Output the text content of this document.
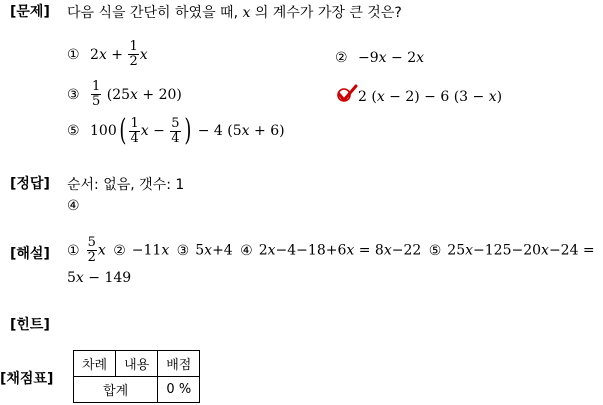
[문제]
[정답]
[해설]
[힌트]
[채점표]
다음 식을 간단히 하였을 때, x 의 계수가 가장 큰 것은?
① $2x + \frac{1}{2}$ x	② −9x − 2x
③ $\frac{1}{5} (25x + 20)$	2 (x − 2) − 6 (3 − x)
⑤ $100( \frac{1}{4}$ $x - \frac{5}{4}$ ) − 4 (5x + 6)
순서: 없음, 갯수: 1
④
① $\frac{5}{2}$ x ② −11x ③ 5x+4 ④ 2x−4−18+6x = 8x−22 ⑤ 25x−125−20x−24 =
5x − 149
차례	내용	배점
합계		0 %
